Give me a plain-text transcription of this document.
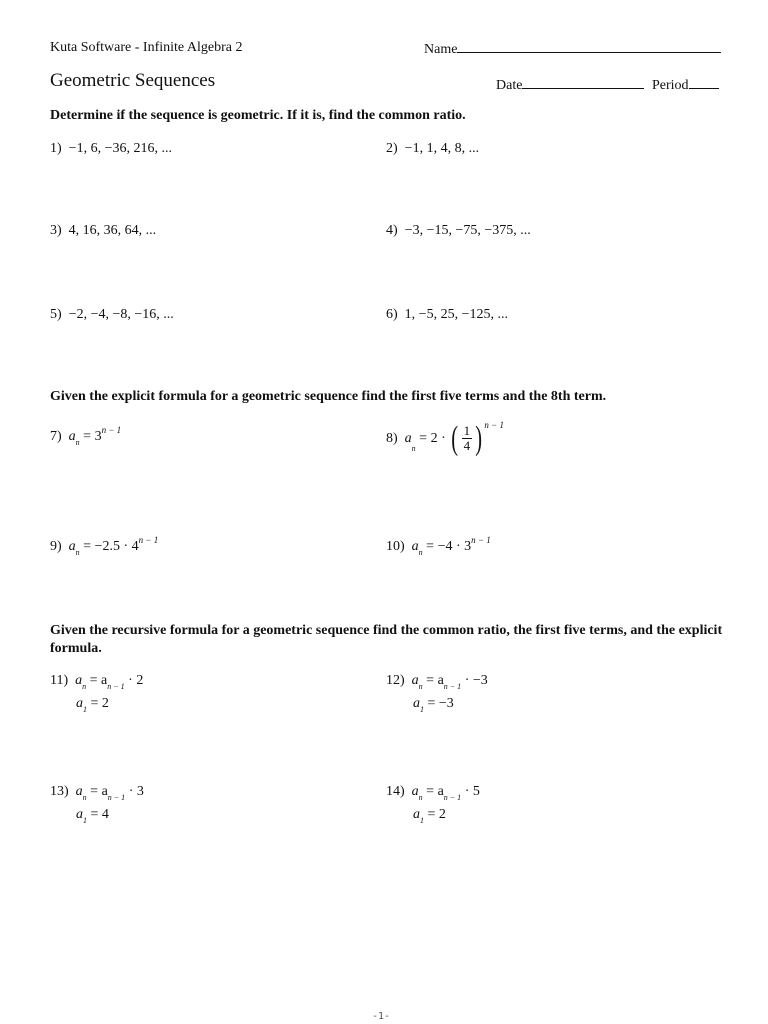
Kuta Software - Infinite Algebra 2	Name
Geometric Sequences	Date	Period
Determine if the sequence is geometric. If it is, find the common ratio.
1) −1, 6, −36, 216, ...	2) −1, 1, 4, 8, ...
3) 4, 16, 36, 64, ...	4) −3, −15, −75, −375, ...
5) −2, −4, −8, −16, ...	6) 1, −5, 25, −125, ...
Given the explicit formula for a geometric sequence find the first five terms and the 8th term.
7) $a_n = 3^{n - 1}$
8) $a_n = 2$ · ( $\frac{1}{4}$ ) $^{n - 1}$
9) $a_n = -2.5 \cdot 4^{n - 1}$	10) $a_n = -4 \cdot 3^{n - 1}$
Given the recursive formula for a geometric sequence find the common ratio, the first five terms, and the explicit formula.
11) $a_n = a_{n - 1} \cdot 2$
$a_1 = 2$
12) $a_n = a_{n - 1} \cdot -3$
$a_1 = -3$
13) $a_n = a_{n - 1} \cdot 3$
$a_1 = 4$
14) $a_n = a_{n - 1} \cdot 5$
$a_1 = 2$
-1-
